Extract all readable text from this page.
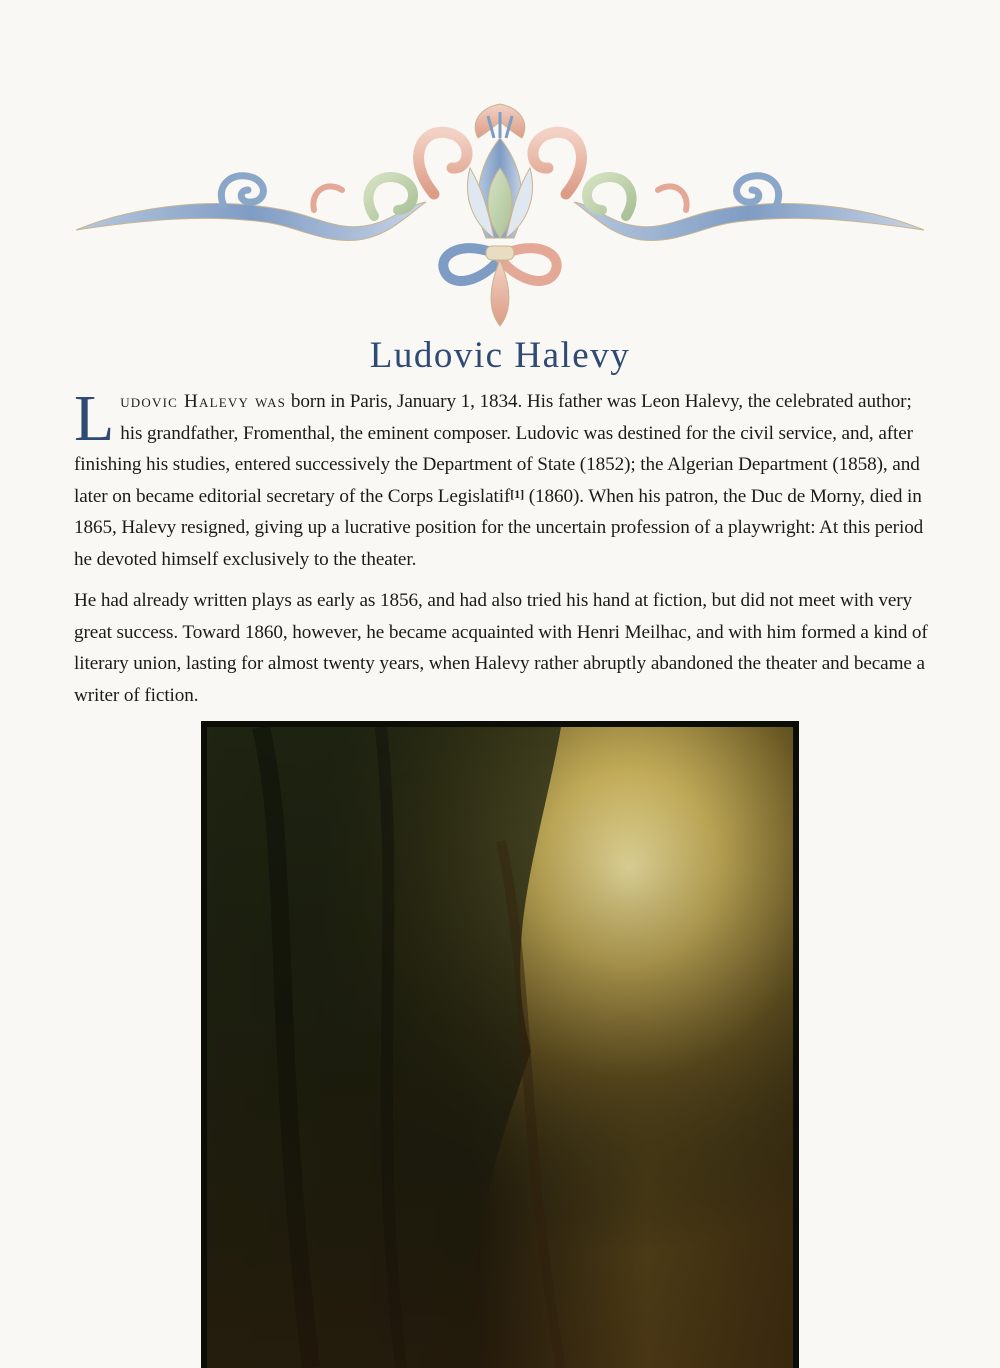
Ludovic Halevy

Ludovic Halevy was born in Paris, January 1, 1834. His father was Leon Halevy, the celebrated author; his grandfather, Fromenthal, the eminent composer. Ludovic was destined for the civil service, and, after finishing his studies, entered successively the Department of State (1852); the Algerian Department (1858), and later on became editorial secretary of the Corps Legislatif[1] (1860). When his patron, the Duc de Morny, died in 1865, Halevy resigned, giving up a lucrative position for the uncertain profession of a playwright: At this period he devoted himself exclusively to the theater.

He had already written plays as early as 1856, and had also tried his hand at fiction, but did not meet with very great success. Toward 1860, however, he became acquainted with Henri Meilhac, and with him formed a kind of literary union, lasting for almost twenty years, when Halevy rather abruptly abandoned the theater and became a writer of fiction.
